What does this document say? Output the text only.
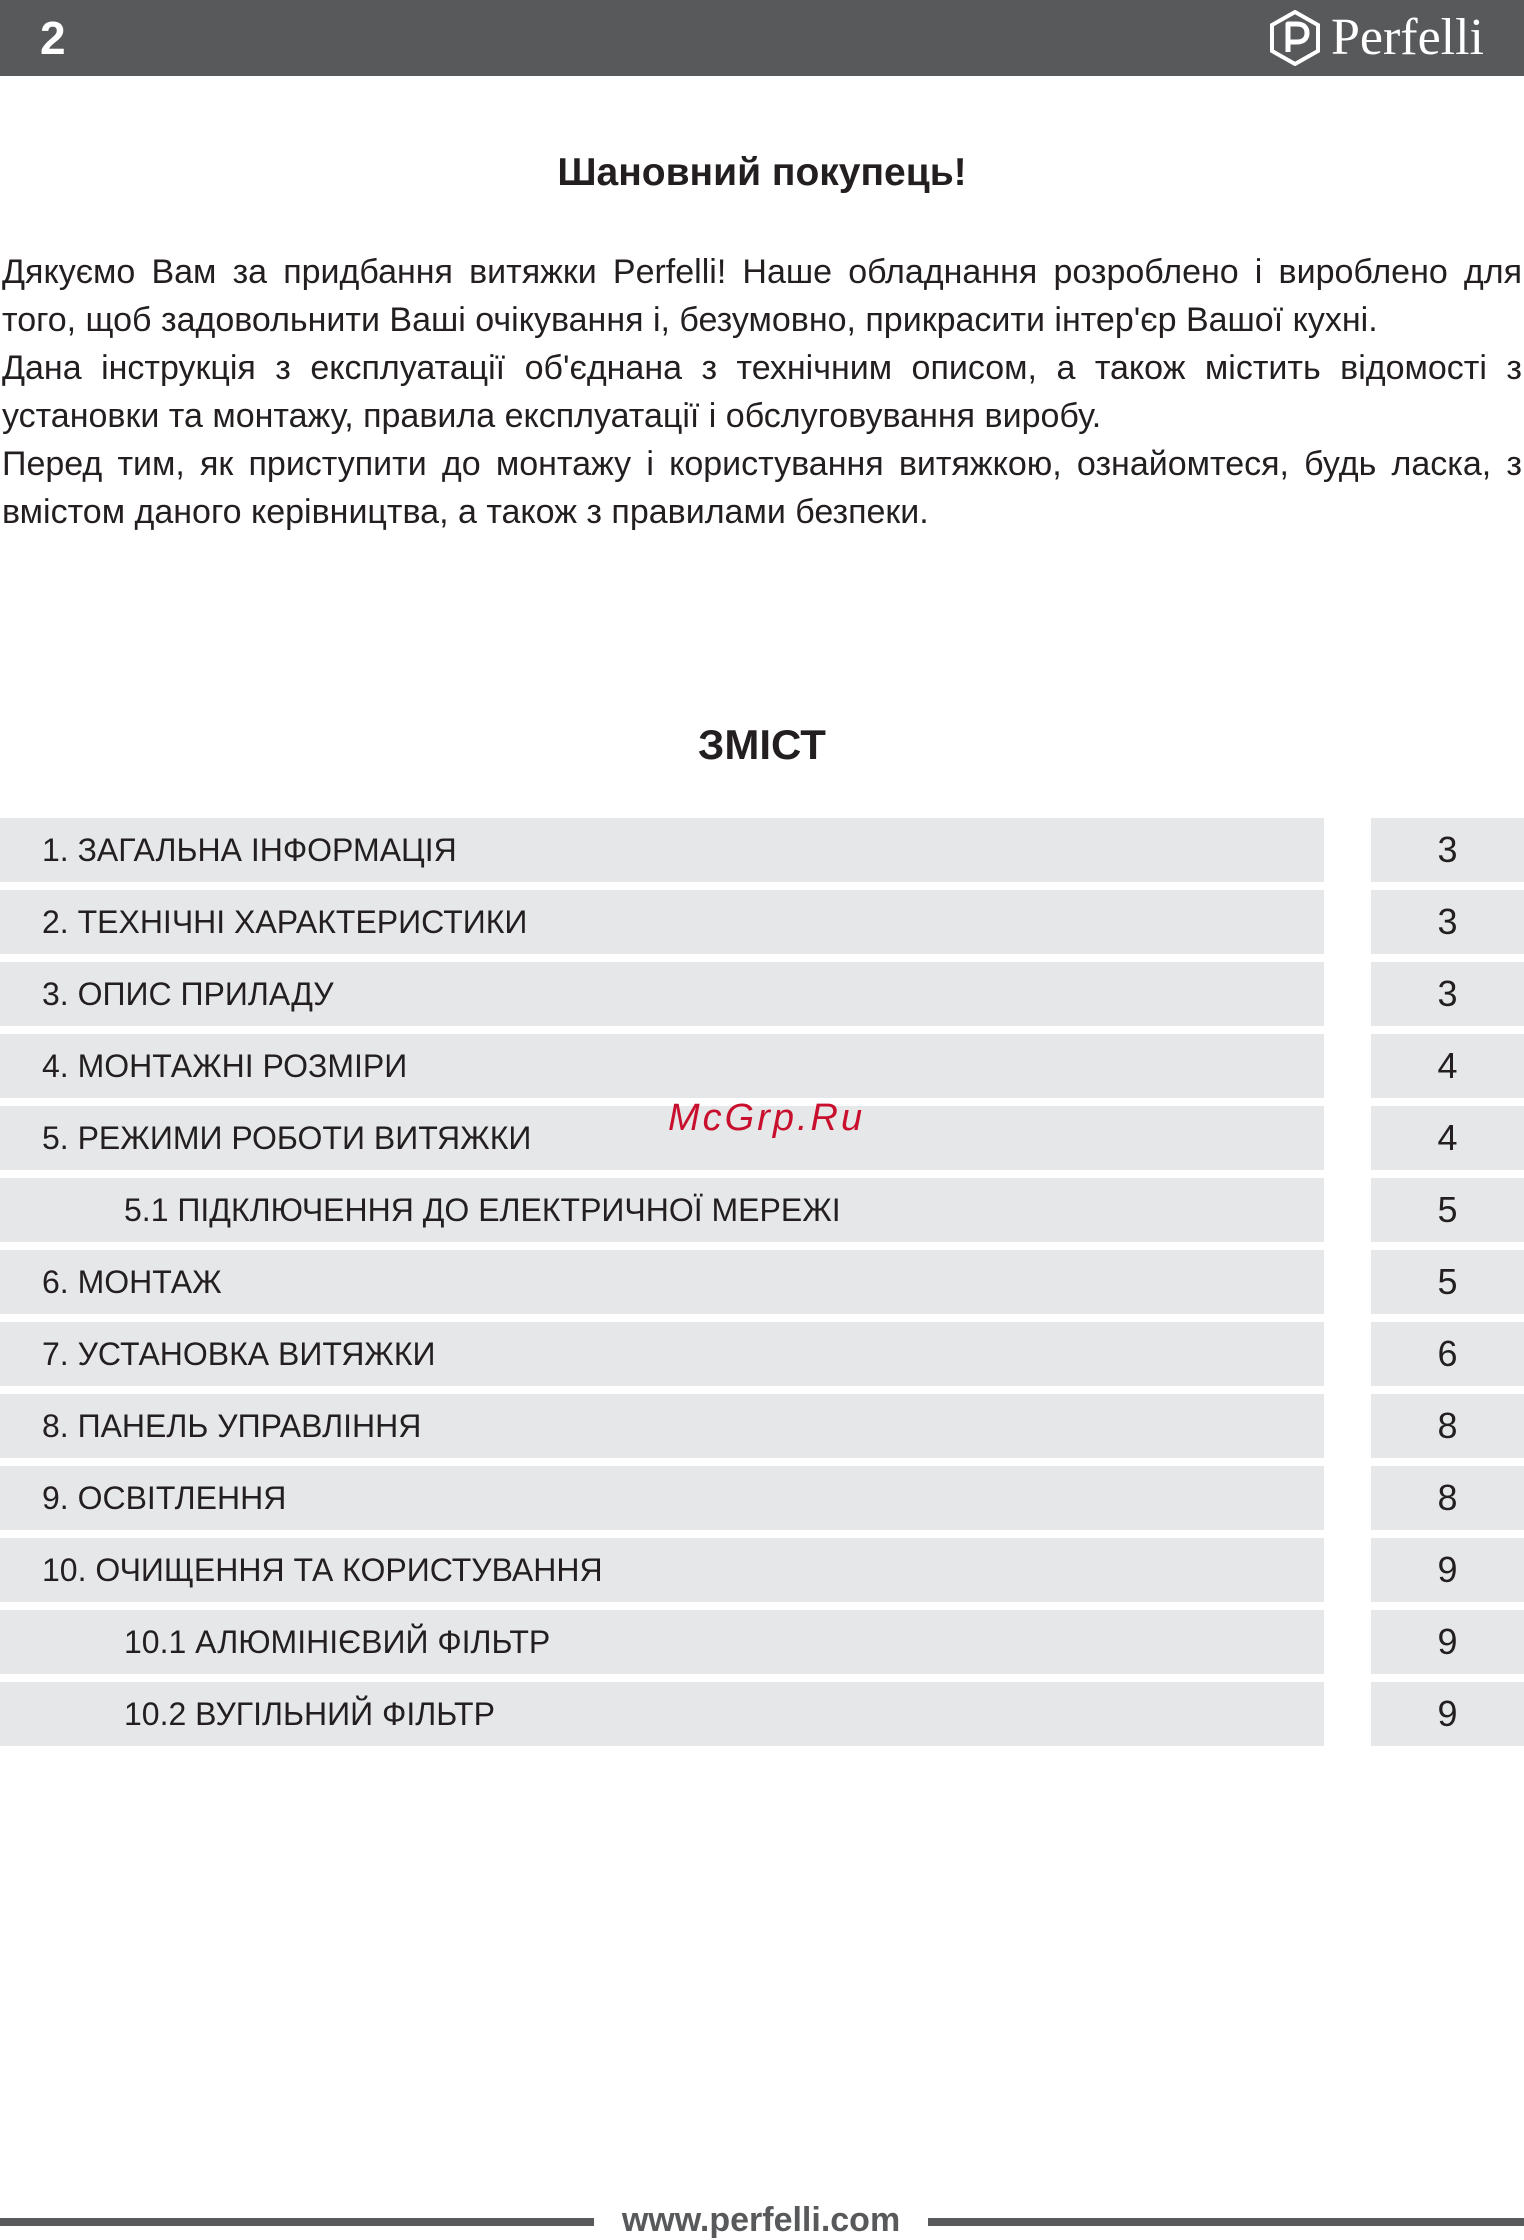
2	Perfelli
Шановний покупець!

Дякуємо Вам за придбання витяжки Perfelli! Наше обладнання розроблено і вироблено для того, щоб задовольнити Ваші очікування і, безумовно, прикрасити інтер'єр Вашої кухні.

Дана інструкція з експлуатації об'єднана з технічним описом, а також містить відомості з установки та монтажу, правила експлуатації і обслуговування виробу.

Перед тим, як приступити до монтажу і користування витяжкою, ознайомтеся, будь ласка, з вмістом даного керівництва, а також з правилами безпеки.

ЗМІСТ
1. ЗАГАЛЬНА ІНФОРМАЦІЯ	3
2. ТЕХНІЧНІ ХАРАКТЕРИСТИКИ	3
3. ОПИС ПРИЛАДУ	3
4. МОНТАЖНІ РОЗМІРИ	4
5. РЕЖИМИ РОБОТИ ВИТЯЖКИ	4
5.1 ПІДКЛЮЧЕННЯ ДО ЕЛЕКТРИЧНОЇ МЕРЕЖІ	5
6. МОНТАЖ	5
7. УСТАНОВКА ВИТЯЖКИ	6
8. ПАНЕЛЬ УПРАВЛІННЯ	8
9. ОСВІТЛЕННЯ	8
10. ОЧИЩЕННЯ ТА КОРИСТУВАННЯ	9
10.1 АЛЮМІНІЄВИЙ ФІЛЬТР	9
10.2 ВУГІЛЬНИЙ ФІЛЬТР	9
McGrp.Ru
www.perfelli.com
